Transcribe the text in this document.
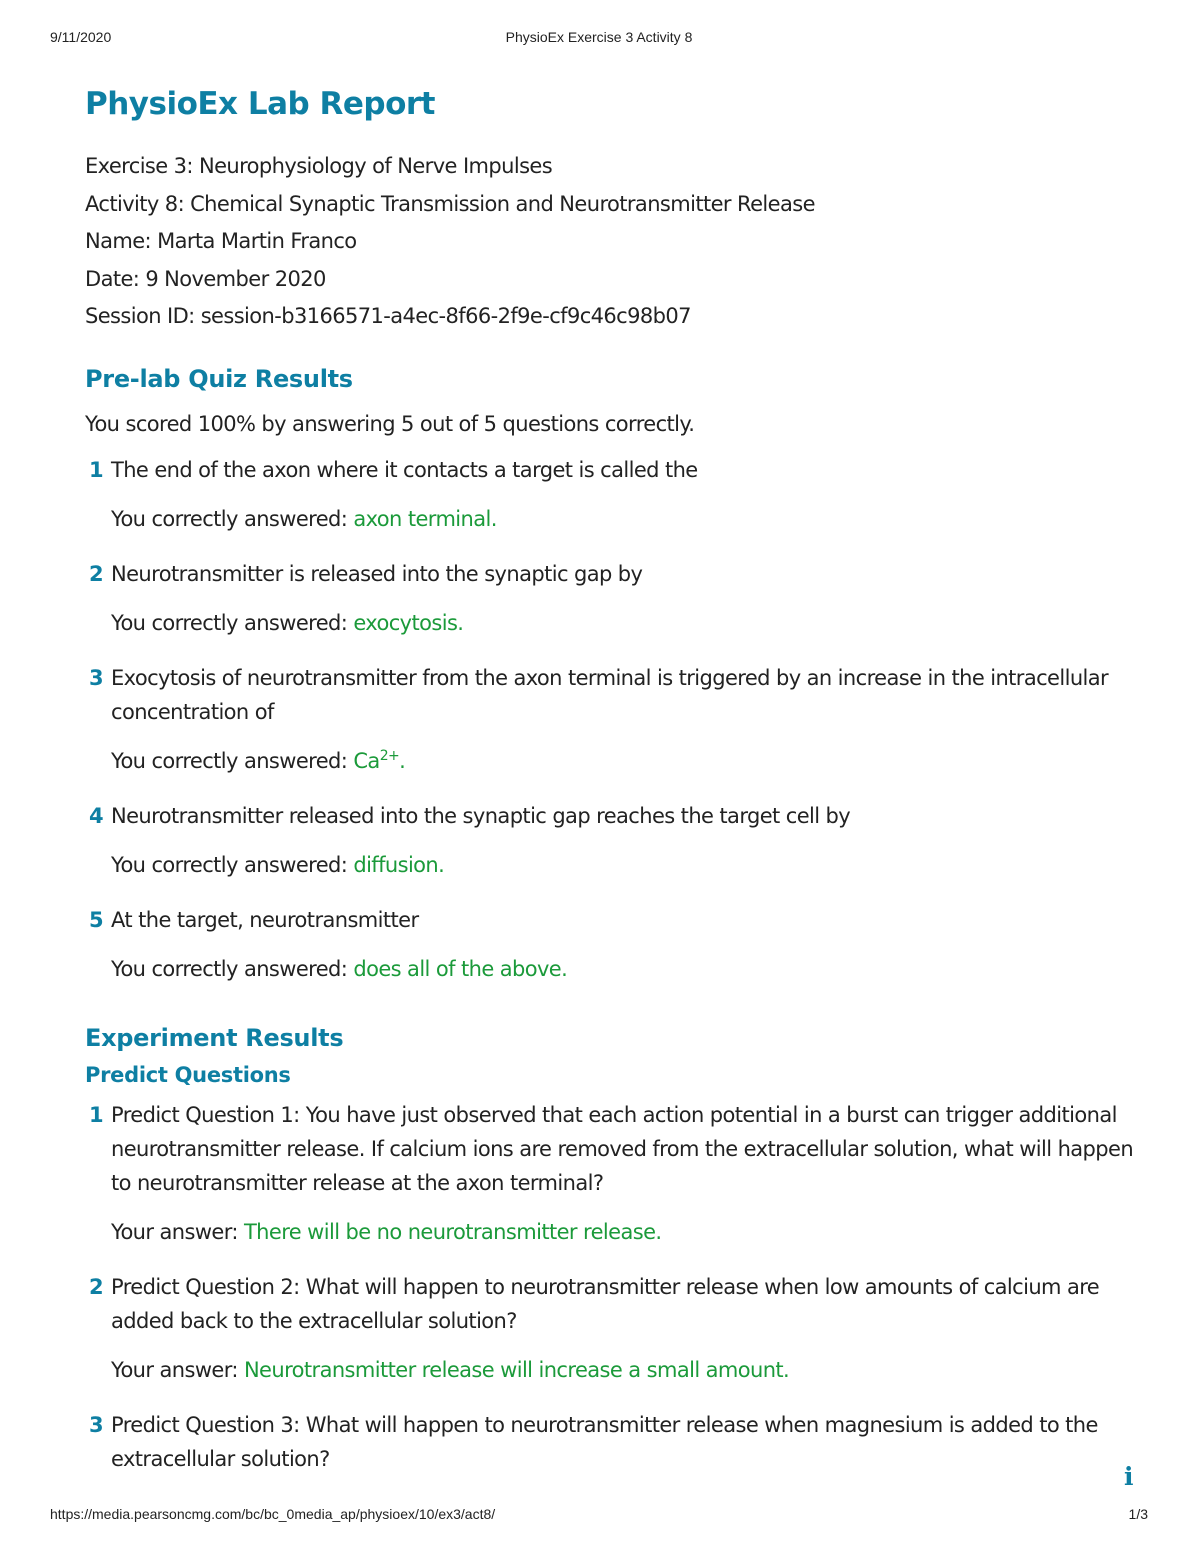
9/11/2020	PhysioEx Exercise 3 Activity 8
PhysioEx Lab Report
Exercise 3: Neurophysiology of Nerve Impulses
Activity 8: Chemical Synaptic Transmission and Neurotransmitter Release
Name: Marta Martin Franco
Date: 9 November 2020
Session ID: session-b3166571-a4ec-8f66-2f9e-cf9c46c98b07
Pre-lab Quiz Results
You scored 100% by answering 5 out of 5 questions correctly.
1 The end of the axon where it contacts a target is called the
You correctly answered: axon terminal.
2 Neurotransmitter is released into the synaptic gap by
You correctly answered: exocytosis.
3 Exocytosis of neurotransmitter from the axon terminal is triggered by an increase in the intracellular concentration of
You correctly answered: $Ca^{2+}$.
4 Neurotransmitter released into the synaptic gap reaches the target cell by
You correctly answered: diffusion.
5 At the target, neurotransmitter
You correctly answered: does all of the above.
Experiment Results
Predict Questions
1 Predict Question 1: You have just observed that each action potential in a burst can trigger additional neurotransmitter release. If calcium ions are removed from the extracellular solution, what will happen to neurotransmitter release at the axon terminal?
Your answer: There will be no neurotransmitter release.
2 Predict Question 2: What will happen to neurotransmitter release when low amounts of calcium are added back to the extracellular solution?
Your answer: Neurotransmitter release will increase a small amount.
3 Predict Question 3: What will happen to neurotransmitter release when magnesium is added to the extracellular solution?
i
https://media.pearsoncmg.com/bc/bc_0media_ap/physioex/10/ex3/act8/	1/3
